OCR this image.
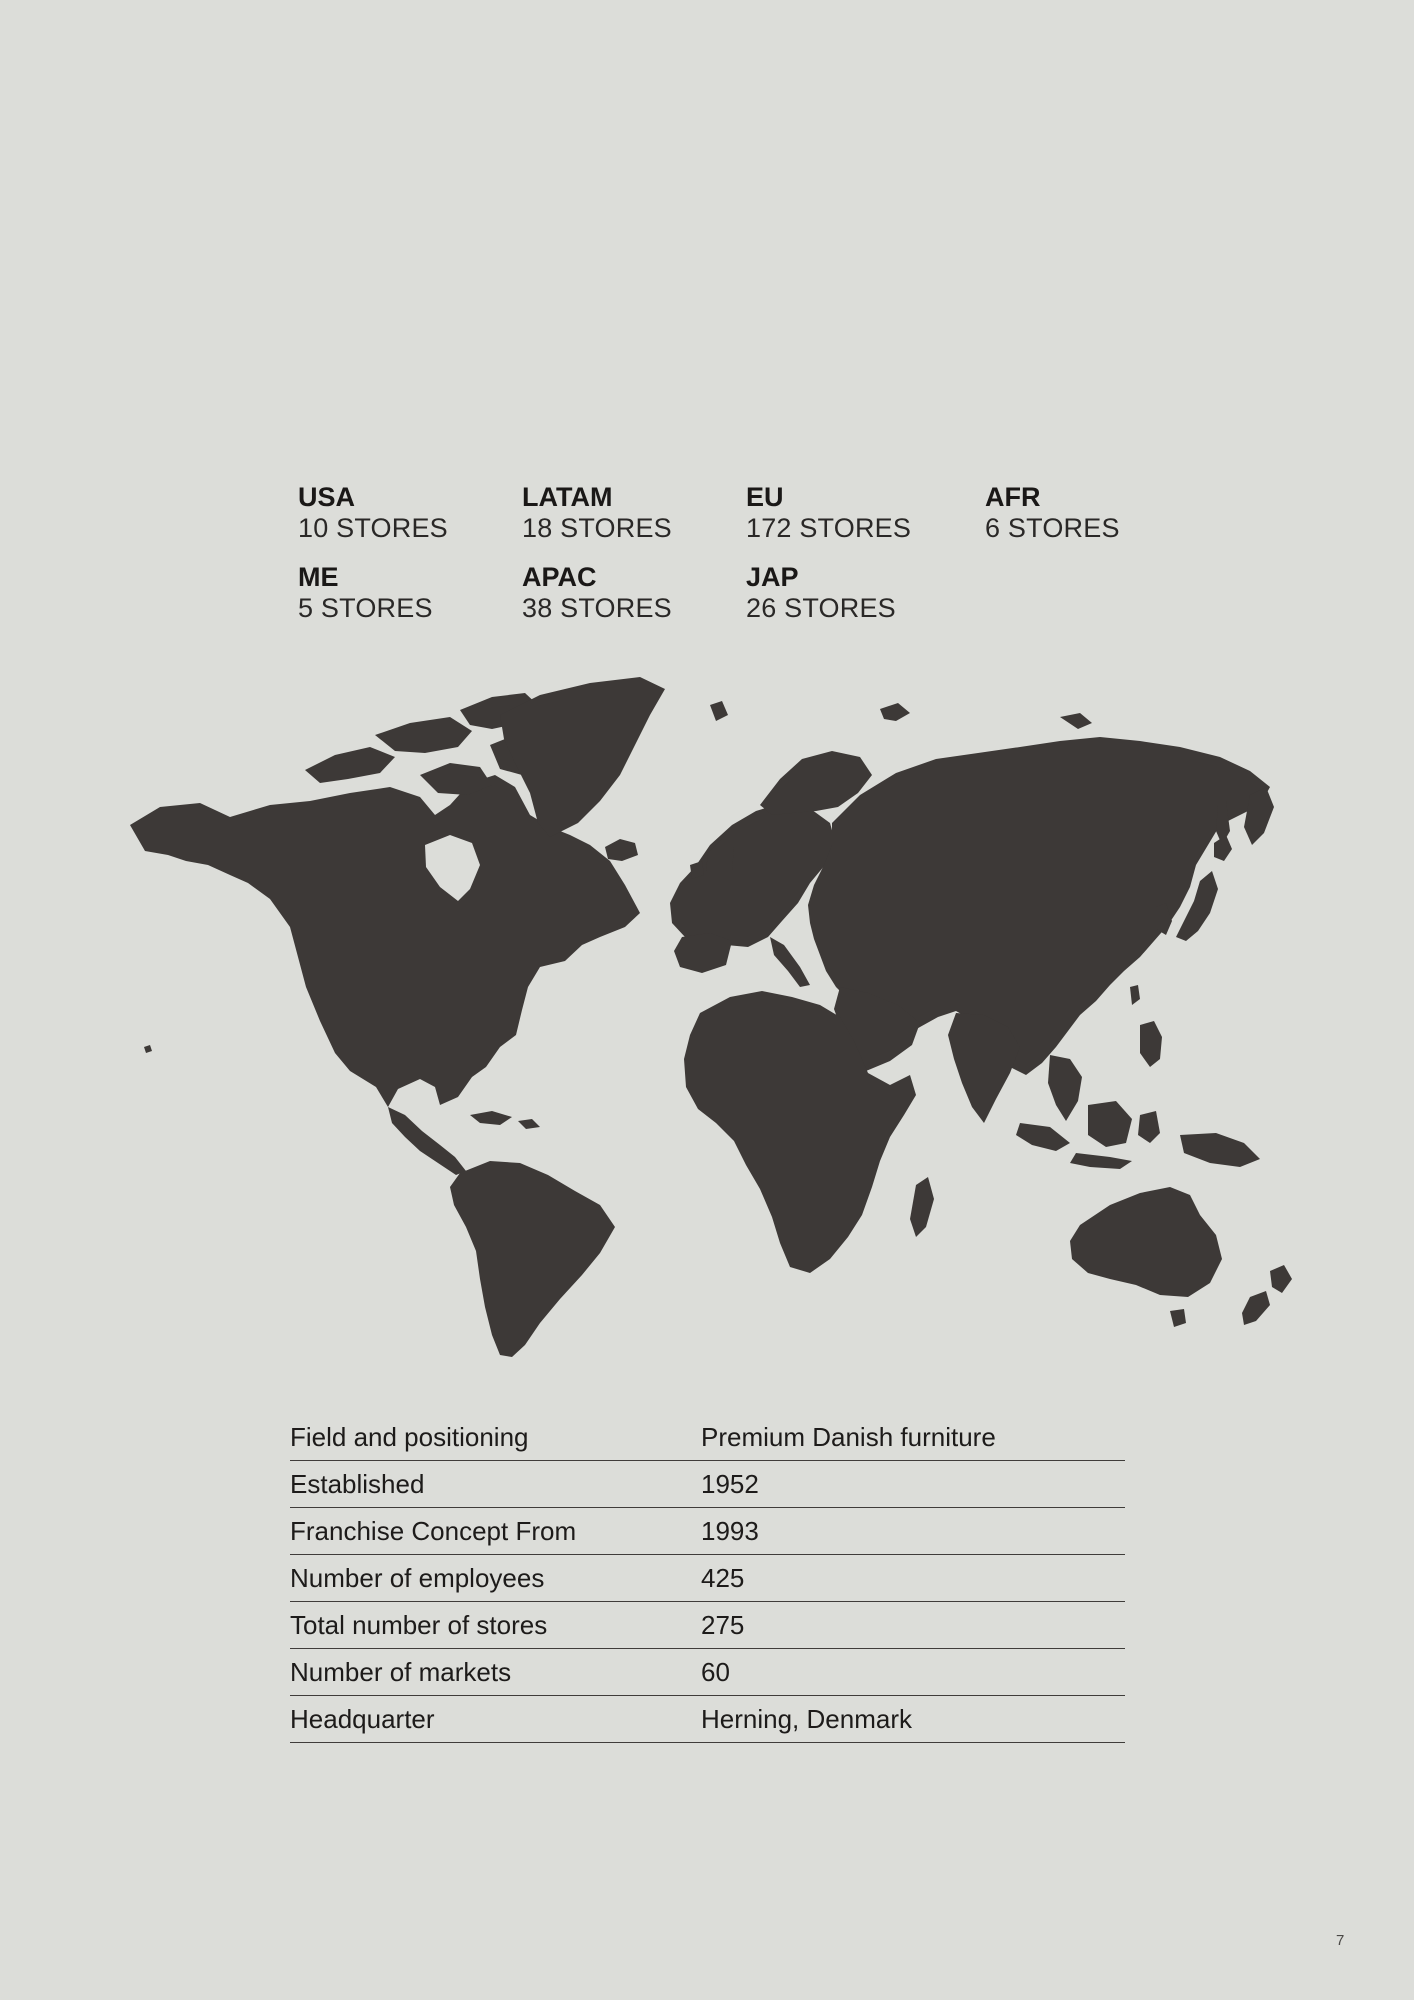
USA
10 STORES
LATAM
18 STORES
EU
172 STORES
AFR
6 STORES
ME
5 STORES
APAC
38 STORES
JAP
26 STORES
Field and positioning	Premium Danish furniture
Established	1952
Franchise Concept From	1993
Number of employees	425
Total number of stores	275
Number of markets	60
Headquarter	Herning, Denmark
7
